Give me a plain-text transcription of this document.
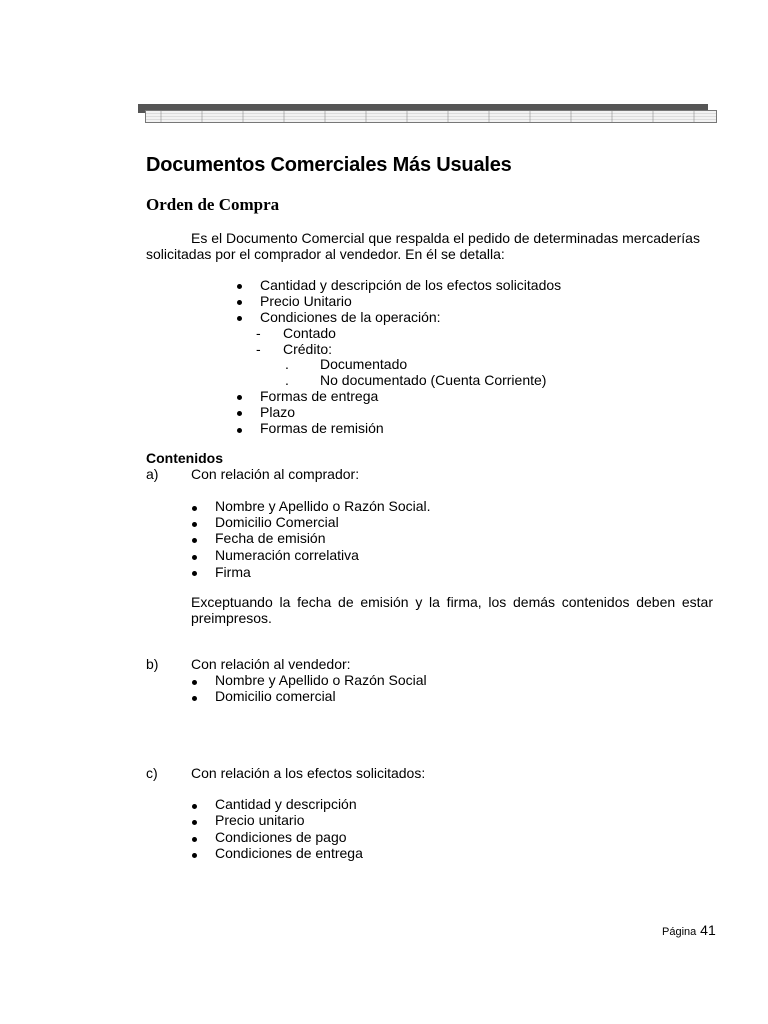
Documentos Comerciales Más Usuales
Orden de Compra
Es el Documento Comercial que respalda el pedido de determinadas mercaderías
solicitadas por el comprador al vendedor. En él se detalla:
Cantidad y descripción de los efectos solicitados
Precio Unitario
Condiciones de la operación:
- Contado
- Crédito:
. Documentado
. No documentado (Cuenta Corriente)
Formas de entrega
Plazo
Formas de remisión
Contenidos
a) Con relación al comprador:
Nombre y Apellido o Razón Social.
Domicilio Comercial
Fecha de emisión
Numeración correlativa
Firma
Exceptuando la fecha de emisión y la firma, los demás contenidos deben estar
preimpresos.
b) Con relación al vendedor:
Nombre y Apellido o Razón Social
Domicilio comercial
c) Con relación a los efectos solicitados:
Cantidad y descripción
Precio unitario
Condiciones de pago
Condiciones de entrega
Página 41
